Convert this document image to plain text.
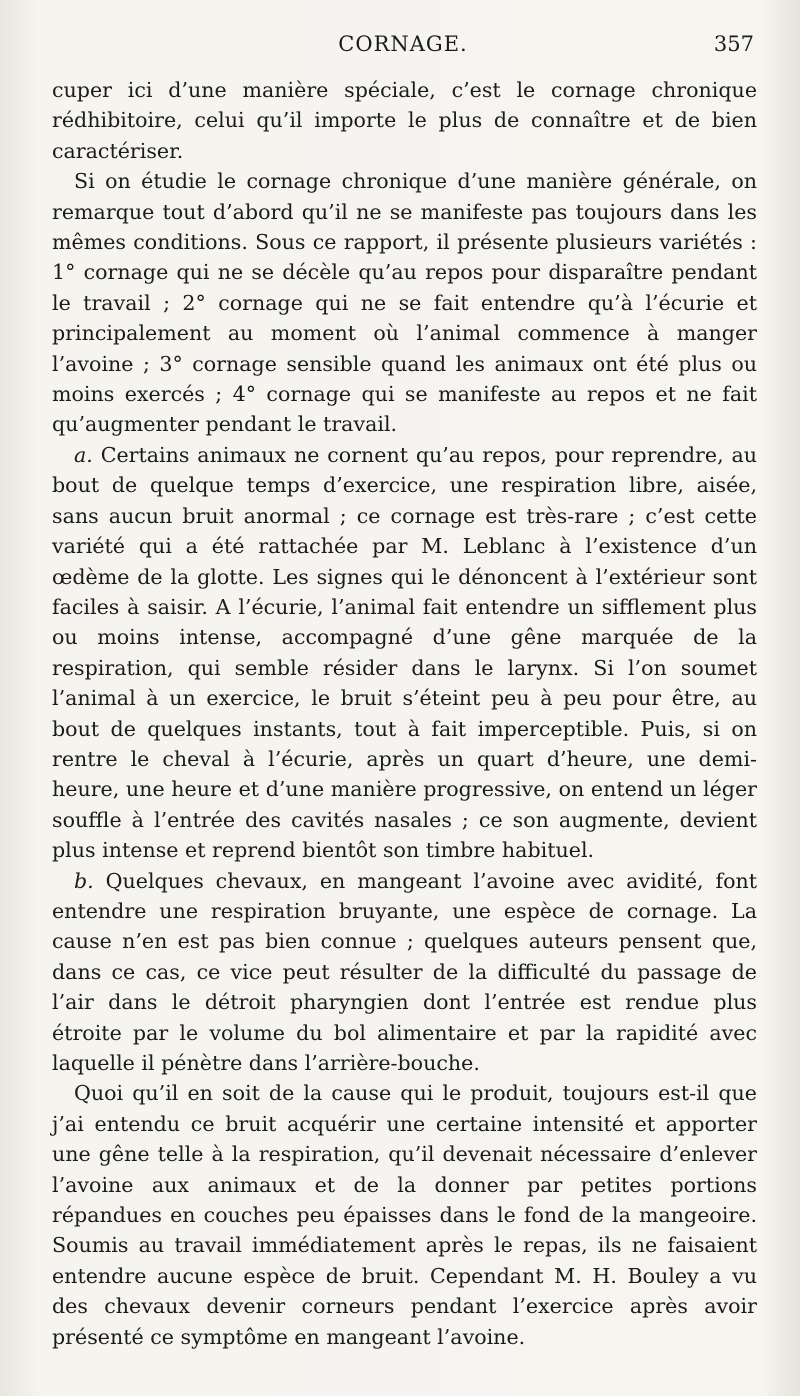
CORNAGE.	357

cuper ici d’une manière spéciale, c’est le cornage chronique rédhibitoire, celui qu’il importe le plus de connaître et de bien caractériser.

Si on étudie le cornage chronique d’une manière générale, on remarque tout d’abord qu’il ne se manifeste pas toujours dans les mêmes conditions. Sous ce rapport, il présente plusieurs variétés : 1° cornage qui ne se décèle qu’au repos pour disparaître pendant le travail ; 2° cornage qui ne se fait entendre qu’à l’écurie et principalement au moment où l’animal commence à manger l’avoine ; 3° cornage sensible quand les animaux ont été plus ou moins exercés ; 4° cornage qui se manifeste au repos et ne fait qu’augmenter pendant le travail.

a. Certains animaux ne cornent qu’au repos, pour reprendre, au bout de quelque temps d’exercice, une respiration libre, aisée, sans aucun bruit anormal ; ce cornage est très-rare ; c’est cette variété qui a été rattachée par M. Leblanc à l’existence d’un œdème de la glotte. Les signes qui le dénoncent à l’extérieur sont faciles à saisir. A l’écurie, l’animal fait entendre un sifflement plus ou moins intense, accompagné d’une gêne marquée de la respiration, qui semble résider dans le larynx. Si l’on soumet l’animal à un exercice, le bruit s’éteint peu à peu pour être, au bout de quelques instants, tout à fait imperceptible. Puis, si on rentre le cheval à l’écurie, après un quart d’heure, une demi-heure, une heure et d’une manière progressive, on entend un léger souffle à l’entrée des cavités nasales ; ce son augmente, devient plus intense et reprend bientôt son timbre habituel.

b. Quelques chevaux, en mangeant l’avoine avec avidité, font entendre une respiration bruyante, une espèce de cornage. La cause n’en est pas bien connue ; quelques auteurs pensent que, dans ce cas, ce vice peut résulter de la difficulté du passage de l’air dans le détroit pharyngien dont l’entrée est rendue plus étroite par le volume du bol alimentaire et par la rapidité avec laquelle il pénètre dans l’arrière-bouche.

Quoi qu’il en soit de la cause qui le produit, toujours est-il que j’ai entendu ce bruit acquérir une certaine intensité et apporter une gêne telle à la respiration, qu’il devenait nécessaire d’enlever l’avoine aux animaux et de la donner par petites portions répandues en couches peu épaisses dans le fond de la mangeoire. Soumis au travail immédiatement après le repas, ils ne faisaient entendre aucune espèce de bruit. Cependant M. H. Bouley a vu des chevaux devenir corneurs pendant l’exercice après avoir présenté ce symptôme en mangeant l’avoine.
